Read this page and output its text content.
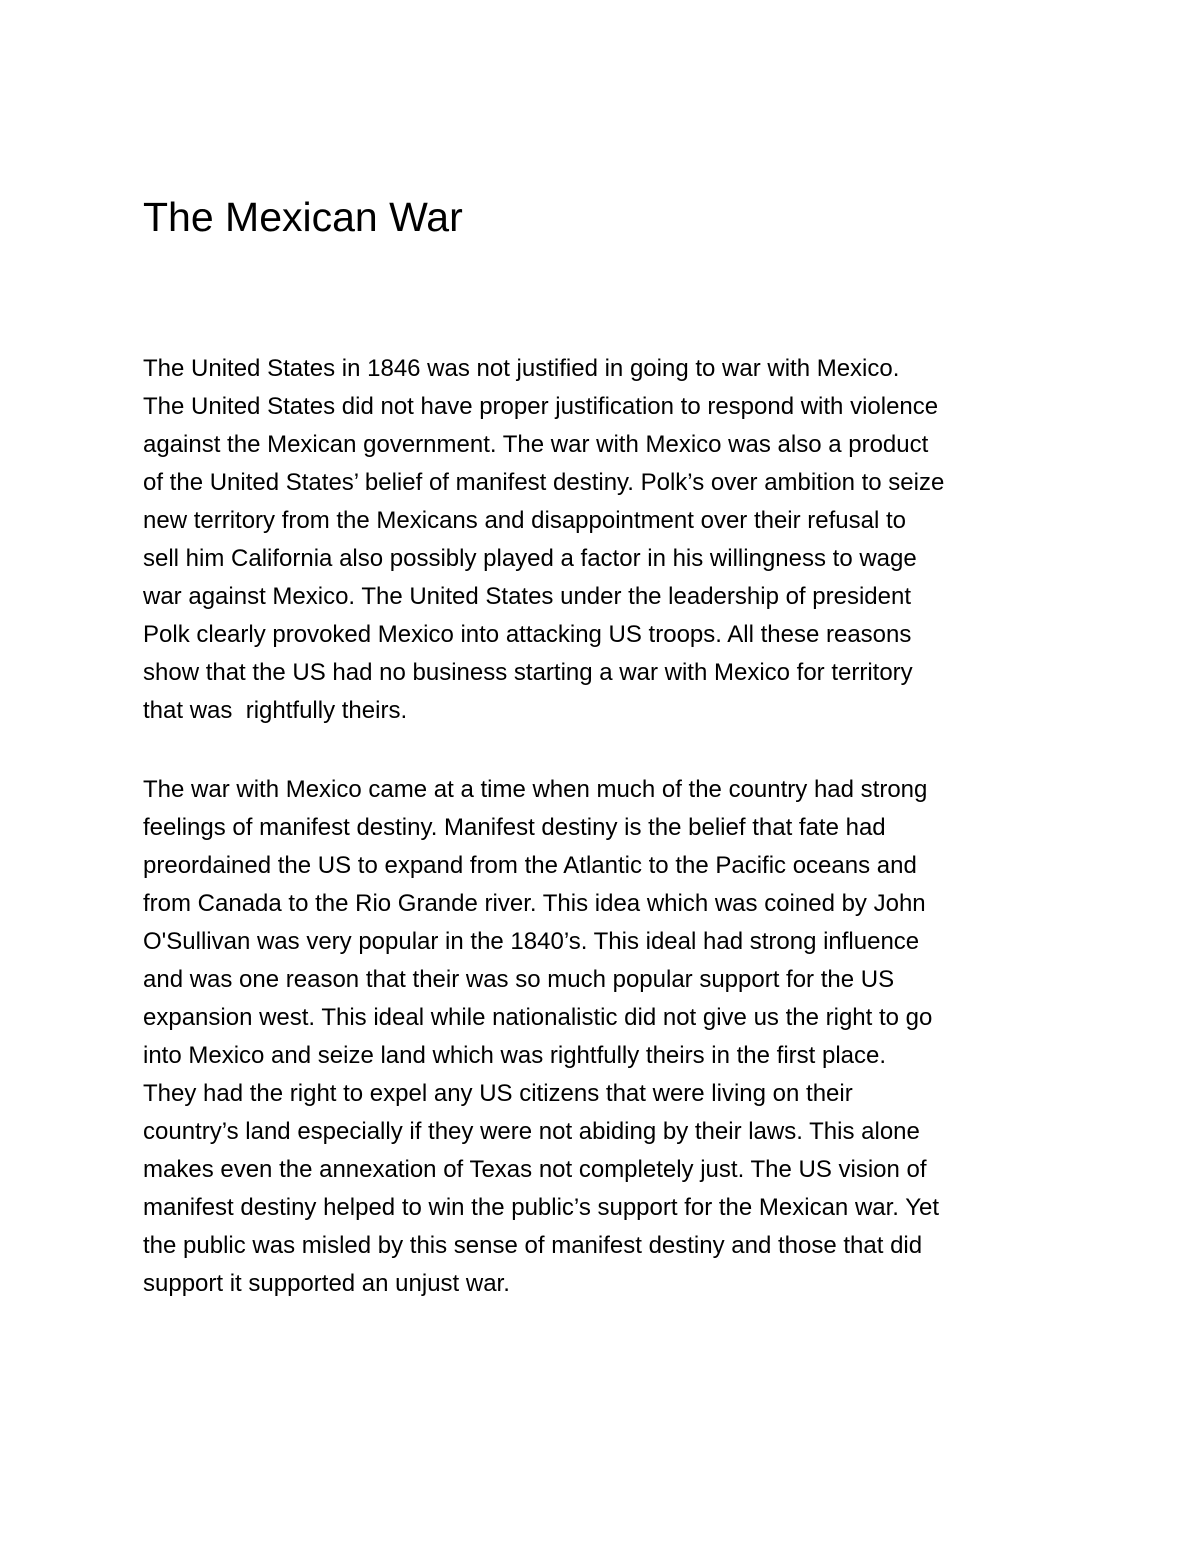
The Mexican War
The United States in 1846 was not justified in going to war with Mexico.
The United States did not have proper justification to respond with violence
against the Mexican government. The war with Mexico was also a product
of the United States’ belief of manifest destiny. Polk’s over ambition to seize
new territory from the Mexicans and disappointment over their refusal to
sell him California also possibly played a factor in his willingness to wage
war against Mexico. The United States under the leadership of president
Polk clearly provoked Mexico into attacking US troops. All these reasons
show that the US had no business starting a war with Mexico for territory
that was  rightfully theirs.
The war with Mexico came at a time when much of the country had strong
feelings of manifest destiny. Manifest destiny is the belief that fate had
preordained the US to expand from the Atlantic to the Pacific oceans and
from Canada to the Rio Grande river. This idea which was coined by John
O'Sullivan was very popular in the 1840’s. This ideal had strong influence
and was one reason that their was so much popular support for the US
expansion west. This ideal while nationalistic did not give us the right to go
into Mexico and seize land which was rightfully theirs in the first place.
They had the right to expel any US citizens that were living on their
country’s land especially if they were not abiding by their laws. This alone
makes even the annexation of Texas not completely just. The US vision of
manifest destiny helped to win the public’s support for the Mexican war. Yet
the public was misled by this sense of manifest destiny and those that did
support it supported an unjust war.
